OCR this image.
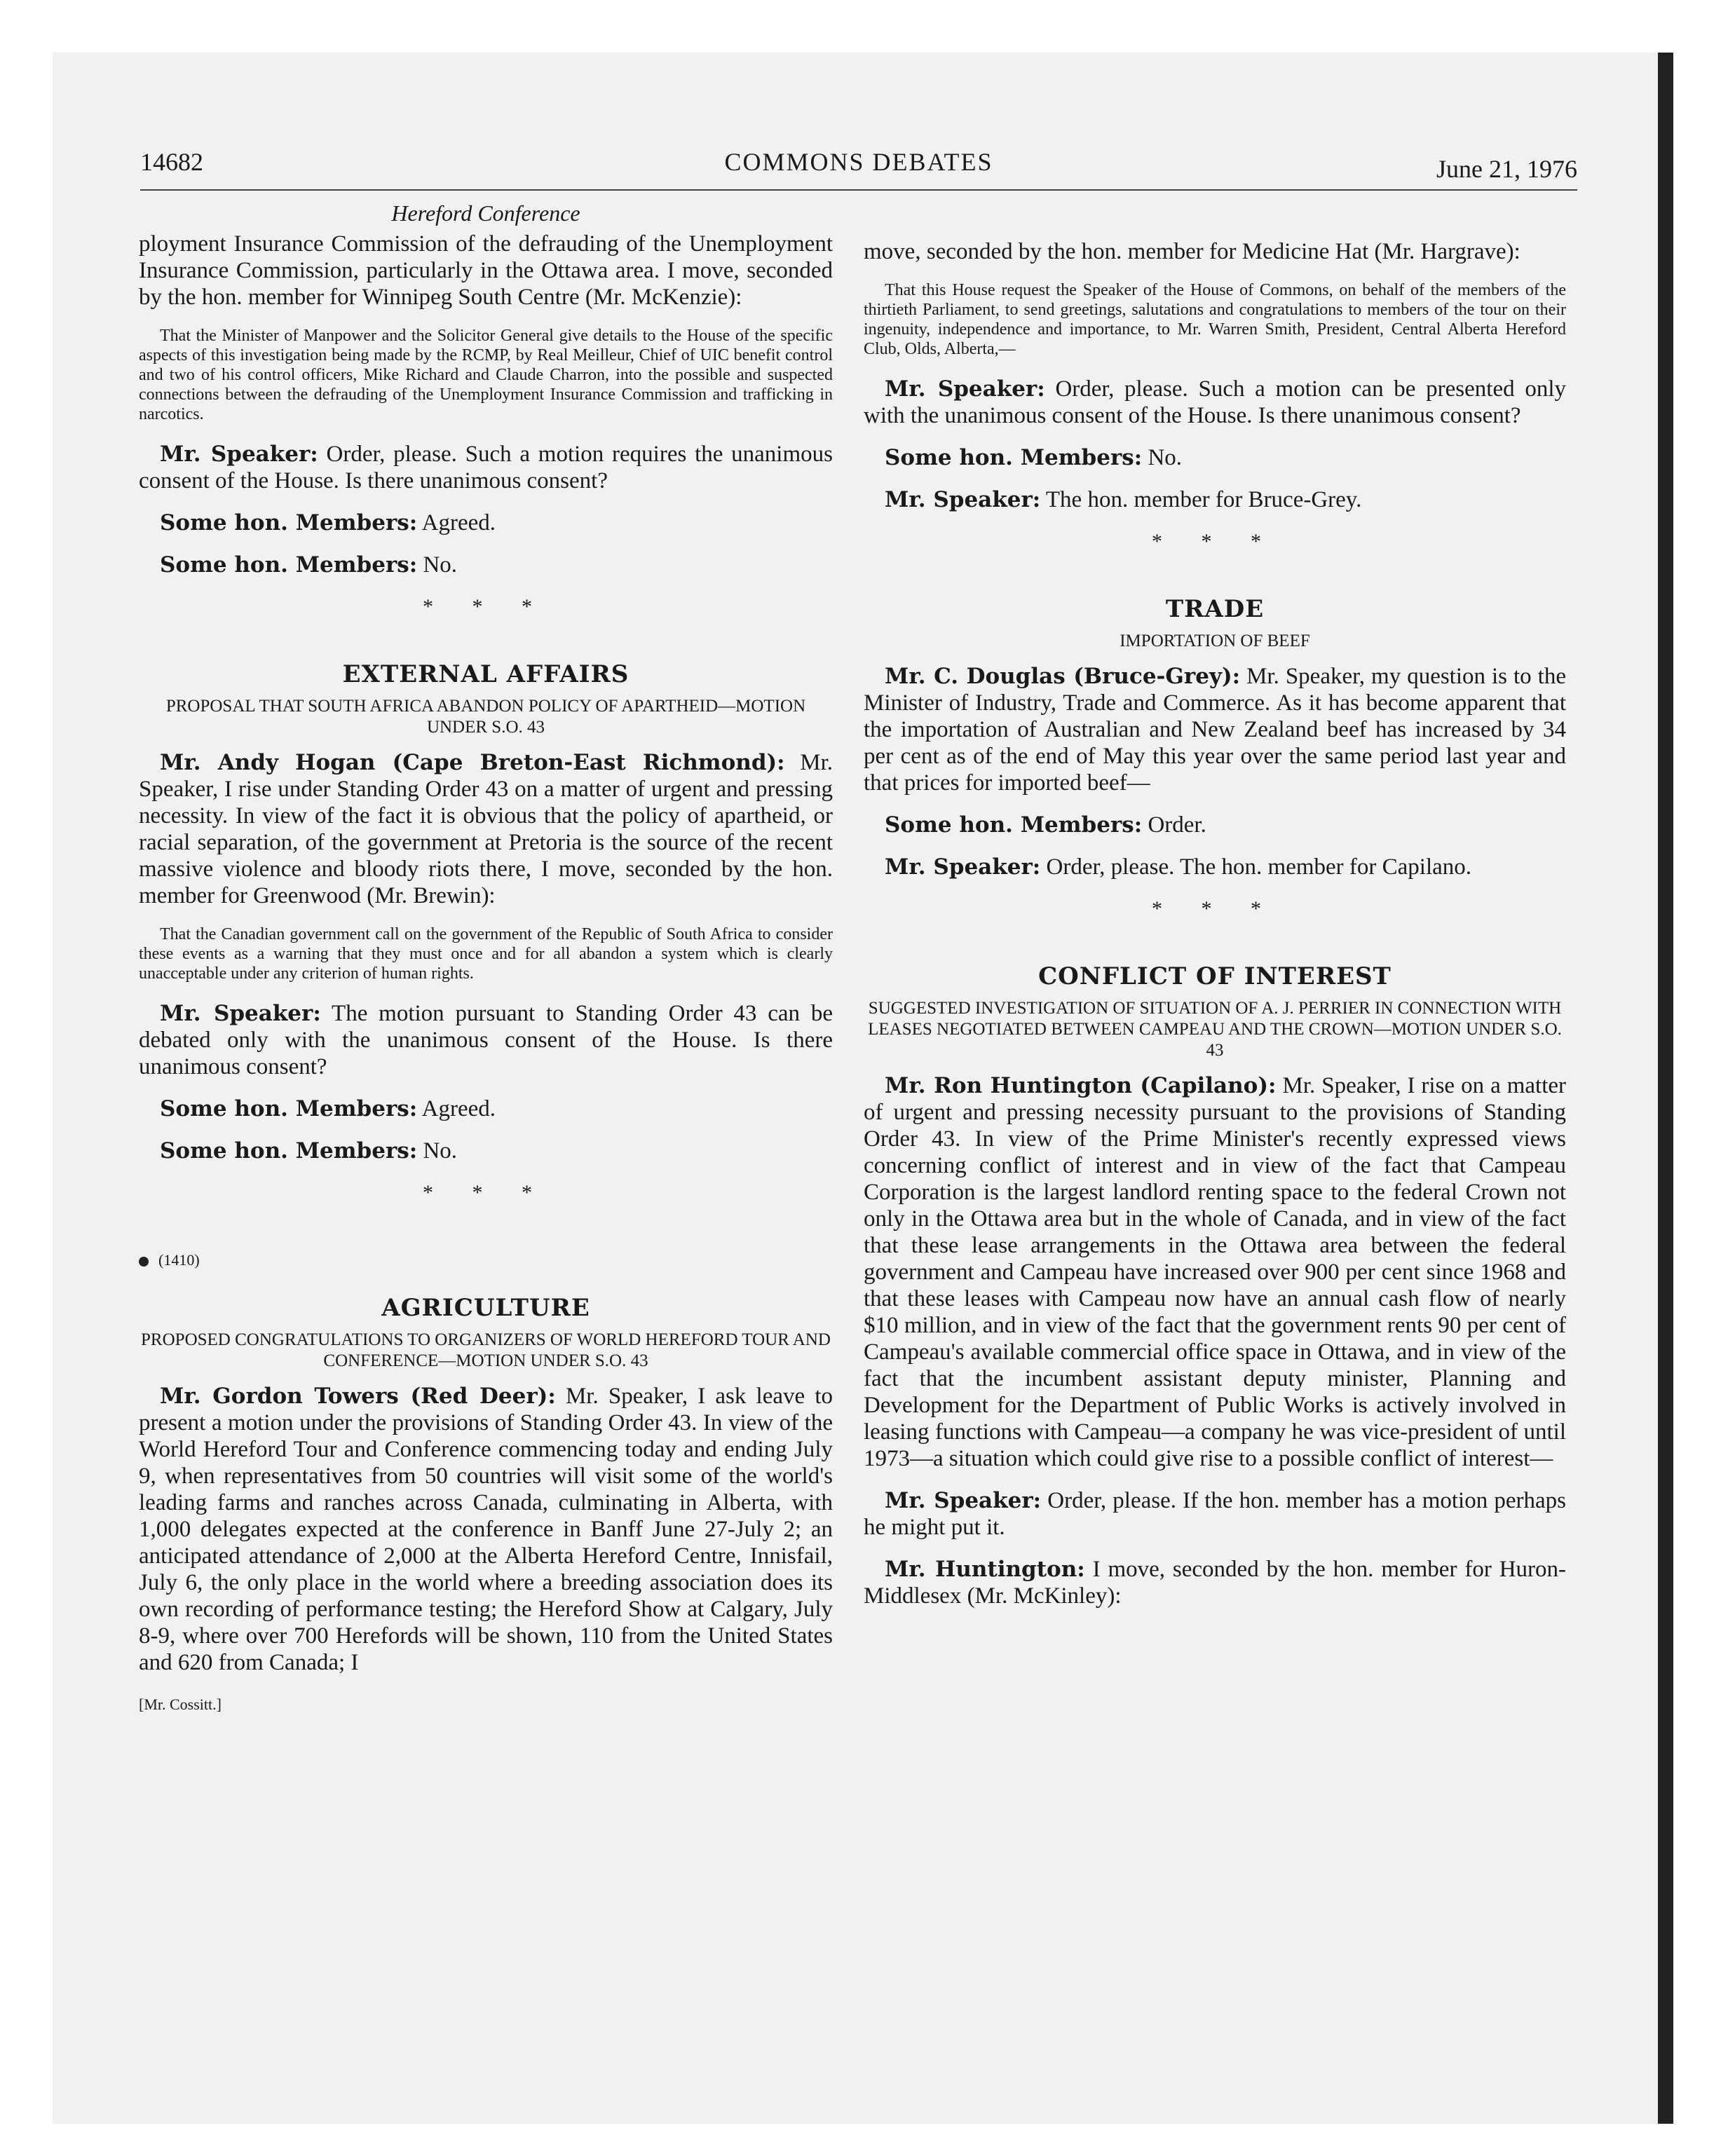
14682	COMMONS DEBATES	June 21, 1976
Hereford Conference

ployment Insurance Commission of the defrauding of the Unemployment Insurance Commission, particularly in the Ottawa area. I move, seconded by the hon. member for Winnipeg South Centre (Mr. McKenzie):

That the Minister of Manpower and the Solicitor General give details to the House of the specific aspects of this investigation being made by the RCMP, by Real Meilleur, Chief of UIC benefit control and two of his control officers, Mike Richard and Claude Charron, into the possible and suspected connections between the defrauding of the Unemployment Insurance Commission and trafficking in narcotics.

Mr. Speaker: Order, please. Such a motion requires the unanimous consent of the House. Is there unanimous consent?

Some hon. Members: Agreed.

Some hon. Members: No.

* * *
EXTERNAL AFFAIRS
PROPOSAL THAT SOUTH AFRICA ABANDON POLICY OF APARTHEID—MOTION UNDER S.O. 43

Mr. Andy Hogan (Cape Breton-East Richmond): Mr. Speaker, I rise under Standing Order 43 on a matter of urgent and pressing necessity. In view of the fact it is obvious that the policy of apartheid, or racial separation, of the government at Pretoria is the source of the recent massive violence and bloody riots there, I move, seconded by the hon. member for Greenwood (Mr. Brewin):

That the Canadian government call on the government of the Republic of South Africa to consider these events as a warning that they must once and for all abandon a system which is clearly unacceptable under any criterion of human rights.

Mr. Speaker: The motion pursuant to Standing Order 43 can be debated only with the unanimous consent of the House. Is there unanimous consent?

Some hon. Members: Agreed.

Some hon. Members: No.

* * *
(1410)
AGRICULTURE
PROPOSED CONGRATULATIONS TO ORGANIZERS OF WORLD HEREFORD TOUR AND CONFERENCE—MOTION UNDER S.O. 43

Mr. Gordon Towers (Red Deer): Mr. Speaker, I ask leave to present a motion under the provisions of Standing Order 43. In view of the World Hereford Tour and Conference commencing today and ending July 9, when representatives from 50 countries will visit some of the world's leading farms and ranches across Canada, culminating in Alberta, with 1,000 delegates expected at the conference in Banff June 27-July 2; an anticipated attendance of 2,000 at the Alberta Hereford Centre, Innisfail, July 6, the only place in the world where a breeding association does its own recording of performance testing; the Hereford Show at Calgary, July 8-9, where over 700 Herefords will be shown, 110 from the United States and 620 from Canada; I

[Mr. Cossitt.]

move, seconded by the hon. member for Medicine Hat (Mr. Hargrave):

That this House request the Speaker of the House of Commons, on behalf of the members of the thirtieth Parliament, to send greetings, salutations and congratulations to members of the tour on their ingenuity, independence and importance, to Mr. Warren Smith, President, Central Alberta Hereford Club, Olds, Alberta,—

Mr. Speaker: Order, please. Such a motion can be presented only with the unanimous consent of the House. Is there unanimous consent?

Some hon. Members: No.

Mr. Speaker: The hon. member for Bruce-Grey.

* * *
TRADE
IMPORTATION OF BEEF

Mr. C. Douglas (Bruce-Grey): Mr. Speaker, my question is to the Minister of Industry, Trade and Commerce. As it has become apparent that the importation of Australian and New Zealand beef has increased by 34 per cent as of the end of May this year over the same period last year and that prices for imported beef—

Some hon. Members: Order.

Mr. Speaker: Order, please. The hon. member for Capilano.

* * *
CONFLICT OF INTEREST
SUGGESTED INVESTIGATION OF SITUATION OF A. J. PERRIER IN CONNECTION WITH LEASES NEGOTIATED BETWEEN CAMPEAU AND THE CROWN—MOTION UNDER S.O. 43

Mr. Ron Huntington (Capilano): Mr. Speaker, I rise on a matter of urgent and pressing necessity pursuant to the provisions of Standing Order 43. In view of the Prime Minister's recently expressed views concerning conflict of interest and in view of the fact that Campeau Corporation is the largest landlord renting space to the federal Crown not only in the Ottawa area but in the whole of Canada, and in view of the fact that these lease arrangements in the Ottawa area between the federal government and Campeau have increased over 900 per cent since 1968 and that these leases with Campeau now have an annual cash flow of nearly $10 million, and in view of the fact that the government rents 90 per cent of Campeau's available commercial office space in Ottawa, and in view of the fact that the incumbent assistant deputy minister, Planning and Development for the Department of Public Works is actively involved in leasing functions with Campeau—a company he was vice-president of until 1973—a situation which could give rise to a possible conflict of interest—

Mr. Speaker: Order, please. If the hon. member has a motion perhaps he might put it.

Mr. Huntington: I move, seconded by the hon. member for Huron-Middlesex (Mr. McKinley):
